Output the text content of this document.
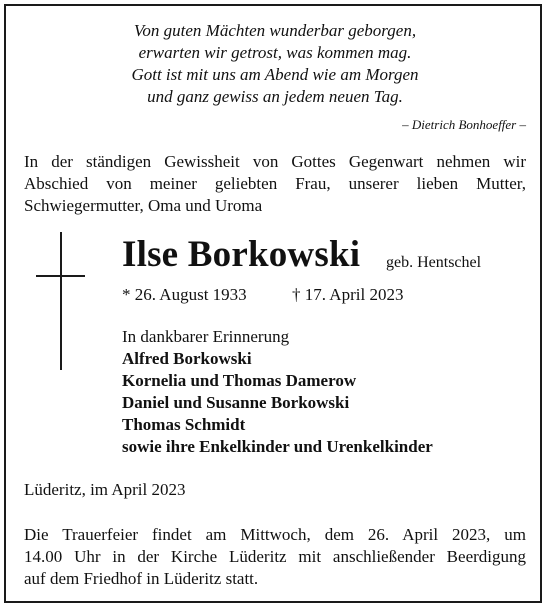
Von guten Mächten wunderbar geborgen,
erwarten wir getrost, was kommen mag.
Gott ist mit uns am Abend wie am Morgen
und ganz gewiss an jedem neuen Tag.
– Dietrich Bonhoeffer –
In der ständigen Gewissheit von Gottes Gegenwart nehmen wir
Abschied von meiner geliebten Frau, unserer lieben Mutter,
Schwiegermutter, Oma und Uroma
Ilse Borkowski geb. Hentschel
* 26. August 1933	† 17. April 2023
In dankbarer Erinnerung
Alfred Borkowski
Kornelia und Thomas Damerow
Daniel und Susanne Borkowski
Thomas Schmidt
sowie ihre Enkelkinder und Urenkelkinder
Lüderitz, im April 2023
Die Trauerfeier findet am Mittwoch, dem 26. April 2023, um
14.00 Uhr in der Kirche Lüderitz mit anschließender Beerdigung
auf dem Friedhof in Lüderitz statt.
